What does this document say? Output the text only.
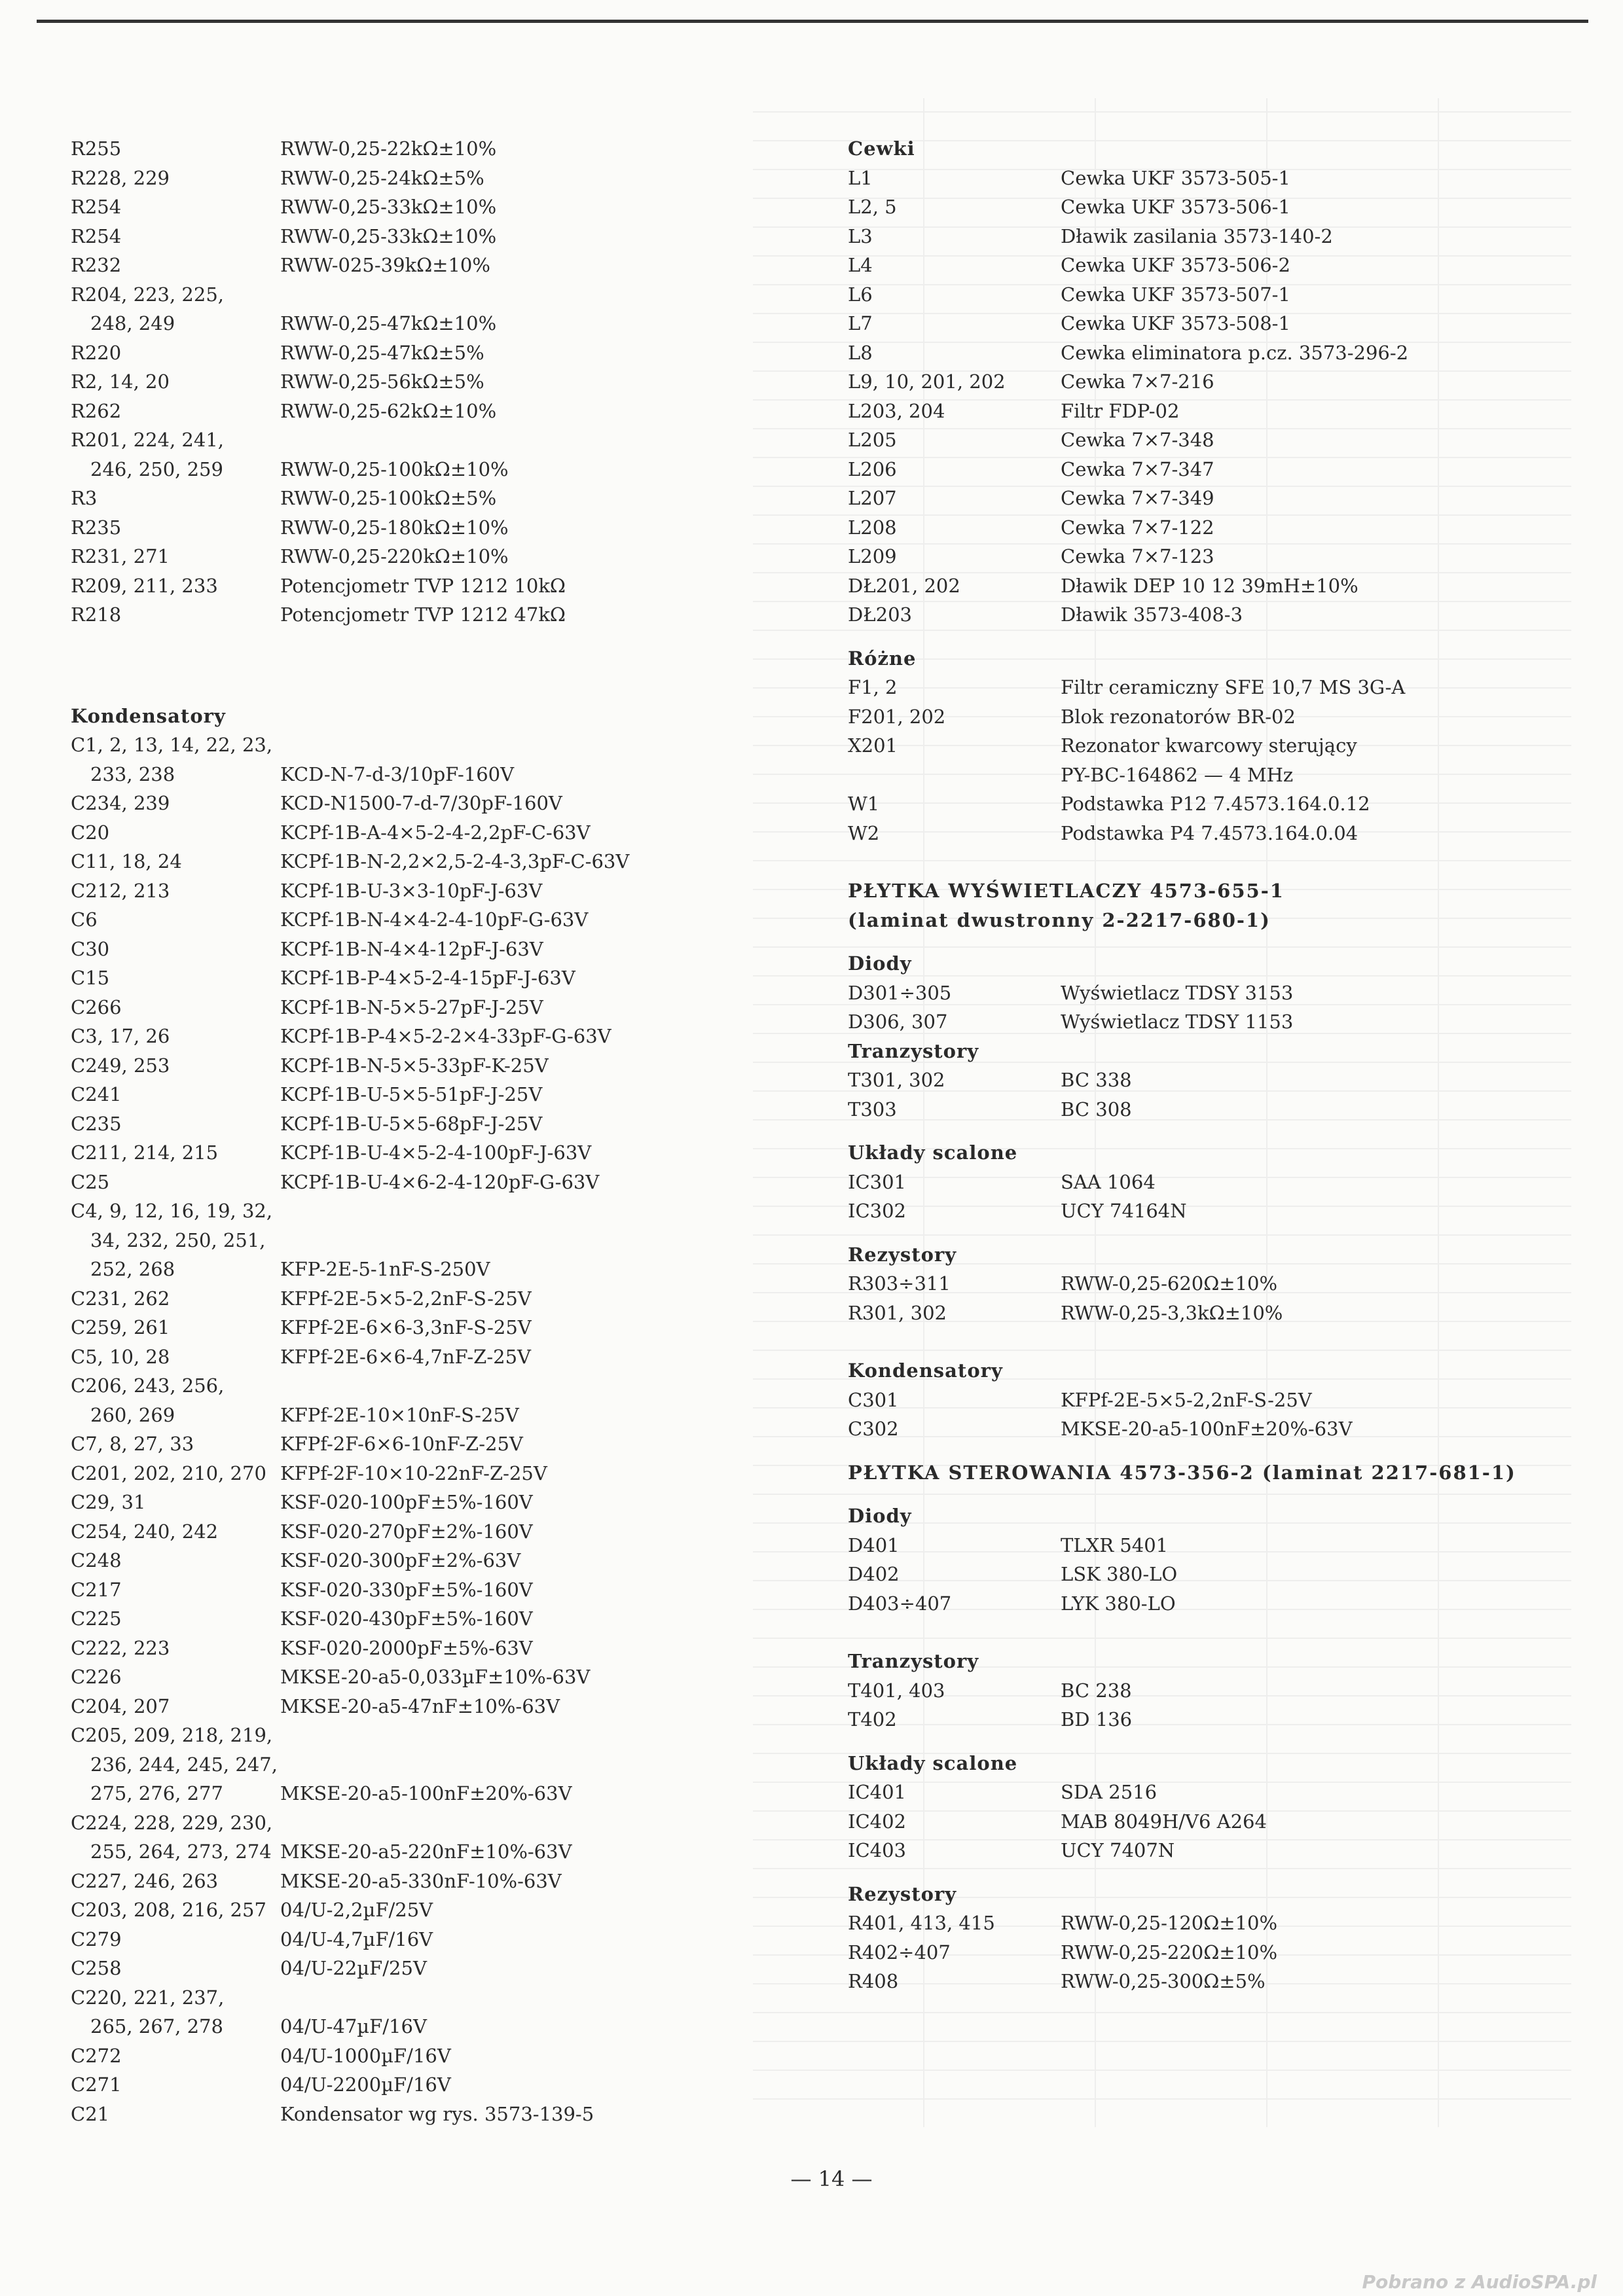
R255	RWW-0,25-22kΩ±10%
R228, 229	RWW-0,25-24kΩ±5%
R254	RWW-0,25-33kΩ±10%
R254	RWW-0,25-33kΩ±10%
R232	RWW-025-39kΩ±10%
R204, 223, 225,
248, 249	RWW-0,25-47kΩ±10%
R220	RWW-0,25-47kΩ±5%
R2, 14, 20	RWW-0,25-56kΩ±5%
R262	RWW-0,25-62kΩ±10%
R201, 224, 241,
246, 250, 259	RWW-0,25-100kΩ±10%
R3	RWW-0,25-100kΩ±5%
R235	RWW-0,25-180kΩ±10%
R231, 271	RWW-0,25-220kΩ±10%
R209, 211, 233	Potencjometr TVP 1212 10kΩ
R218	Potencjometr TVP 1212 47kΩ
Kondensatory
C1, 2, 13, 14, 22, 23,
233, 238	KCD-N-7-d-3/10pF-160V
C234, 239	KCD-N1500-7-d-7/30pF-160V
C20	KCPf-1B-A-4×5-2-4-2,2pF-C-63V
C11, 18, 24	KCPf-1B-N-2,2×2,5-2-4-3,3pF-C-63V
C212, 213	KCPf-1B-U-3×3-10pF-J-63V
C6	KCPf-1B-N-4×4-2-4-10pF-G-63V
C30	KCPf-1B-N-4×4-12pF-J-63V
C15	KCPf-1B-P-4×5-2-4-15pF-J-63V
C266	KCPf-1B-N-5×5-27pF-J-25V
C3, 17, 26	KCPf-1B-P-4×5-2-2×4-33pF-G-63V
C249, 253	KCPf-1B-N-5×5-33pF-K-25V
C241	KCPf-1B-U-5×5-51pF-J-25V
C235	KCPf-1B-U-5×5-68pF-J-25V
C211, 214, 215	KCPf-1B-U-4×5-2-4-100pF-J-63V
C25	KCPf-1B-U-4×6-2-4-120pF-G-63V
C4, 9, 12, 16, 19, 32,
34, 232, 250, 251,
252, 268	KFP-2E-5-1nF-S-250V
C231, 262	KFPf-2E-5×5-2,2nF-S-25V
C259, 261	KFPf-2E-6×6-3,3nF-S-25V
C5, 10, 28	KFPf-2E-6×6-4,7nF-Z-25V
C206, 243, 256,
260, 269	KFPf-2E-10×10nF-S-25V
C7, 8, 27, 33	KFPf-2F-6×6-10nF-Z-25V
C201, 202, 210, 270 KFPf-2F-10×10-22nF-Z-25V
C29, 31	KSF-020-100pF±5%-160V
C254, 240, 242	KSF-020-270pF±2%-160V
C248	KSF-020-300pF±2%-63V
C217	KSF-020-330pF±5%-160V
C225	KSF-020-430pF±5%-160V
C222, 223	KSF-020-2000pF±5%-63V
C226	MKSE-20-a5-0,033µF±10%-63V
C204, 207	MKSE-20-a5-47nF±10%-63V
C205, 209, 218, 219,
236, 244, 245, 247,
275, 276, 277	MKSE-20-a5-100nF±20%-63V
C224, 228, 229, 230,
255, 264, 273, 274 MKSE-20-a5-220nF±10%-63V
C227, 246, 263	MKSE-20-a5-330nF-10%-63V
C203, 208, 216, 257 04/U-2,2µF/25V
C279	04/U-4,7µF/16V
C258	04/U-22µF/25V
C220, 221, 237,
265, 267, 278	04/U-47µF/16V
C272	04/U-1000µF/16V
C271	04/U-2200µF/16V
C21	Kondensator wg rys. 3573-139-5
Cewki
L1	Cewka UKF 3573-505-1
L2, 5	Cewka UKF 3573-506-1
L3	Dławik zasilania 3573-140-2
L4	Cewka UKF 3573-506-2
L6	Cewka UKF 3573-507-1
L7	Cewka UKF 3573-508-1
L8	Cewka eliminatora p.cz. 3573-296-2
L9, 10, 201, 202	Cewka 7×7-216
L203, 204	Filtr FDP-02
L205	Cewka 7×7-348
L206	Cewka 7×7-347
L207	Cewka 7×7-349
L208	Cewka 7×7-122
L209	Cewka 7×7-123
DŁ201, 202	Dławik DEP 10 12 39mH±10%
DŁ203	Dławik 3573-408-3
Różne
F1, 2	Filtr ceramiczny SFE 10,7 MS 3G-A
F201, 202	Blok rezonatorów BR-02
X201	Rezonator kwarcowy sterujący
PY-BC-164862 — 4 MHz
W1	Podstawka P12 7.4573.164.0.12
W2	Podstawka P4 7.4573.164.0.04
PŁYTKA WYŚWIETLACZY 4573-655-1
(laminat dwustronny 2-2217-680-1)
Diody
D301÷305	Wyświetlacz TDSY 3153
D306, 307	Wyświetlacz TDSY 1153
Tranzystory
T301, 302	BC 338
T303	BC 308
Układy scalone
IC301	SAA 1064
IC302	UCY 74164N
Rezystory
R303÷311	RWW-0,25-620Ω±10%
R301, 302	RWW-0,25-3,3kΩ±10%
Kondensatory
C301	KFPf-2E-5×5-2,2nF-S-25V
C302	MKSE-20-a5-100nF±20%-63V
PŁYTKA STEROWANIA 4573-356-2 (laminat 2217-681-1)
Diody
D401	TLXR 5401
D402	LSK 380-LO
D403÷407	LYK 380-LO
Tranzystory
T401, 403	BC 238
T402	BD 136
Układy scalone
IC401	SDA 2516
IC402	MAB 8049H/V6 A264
IC403	UCY 7407N
Rezystory
R401, 413, 415	RWW-0,25-120Ω±10%
R402÷407	RWW-0,25-220Ω±10%
R408	RWW-0,25-300Ω±5%
— 14 —
Pobrano z AudioSPA.pl
